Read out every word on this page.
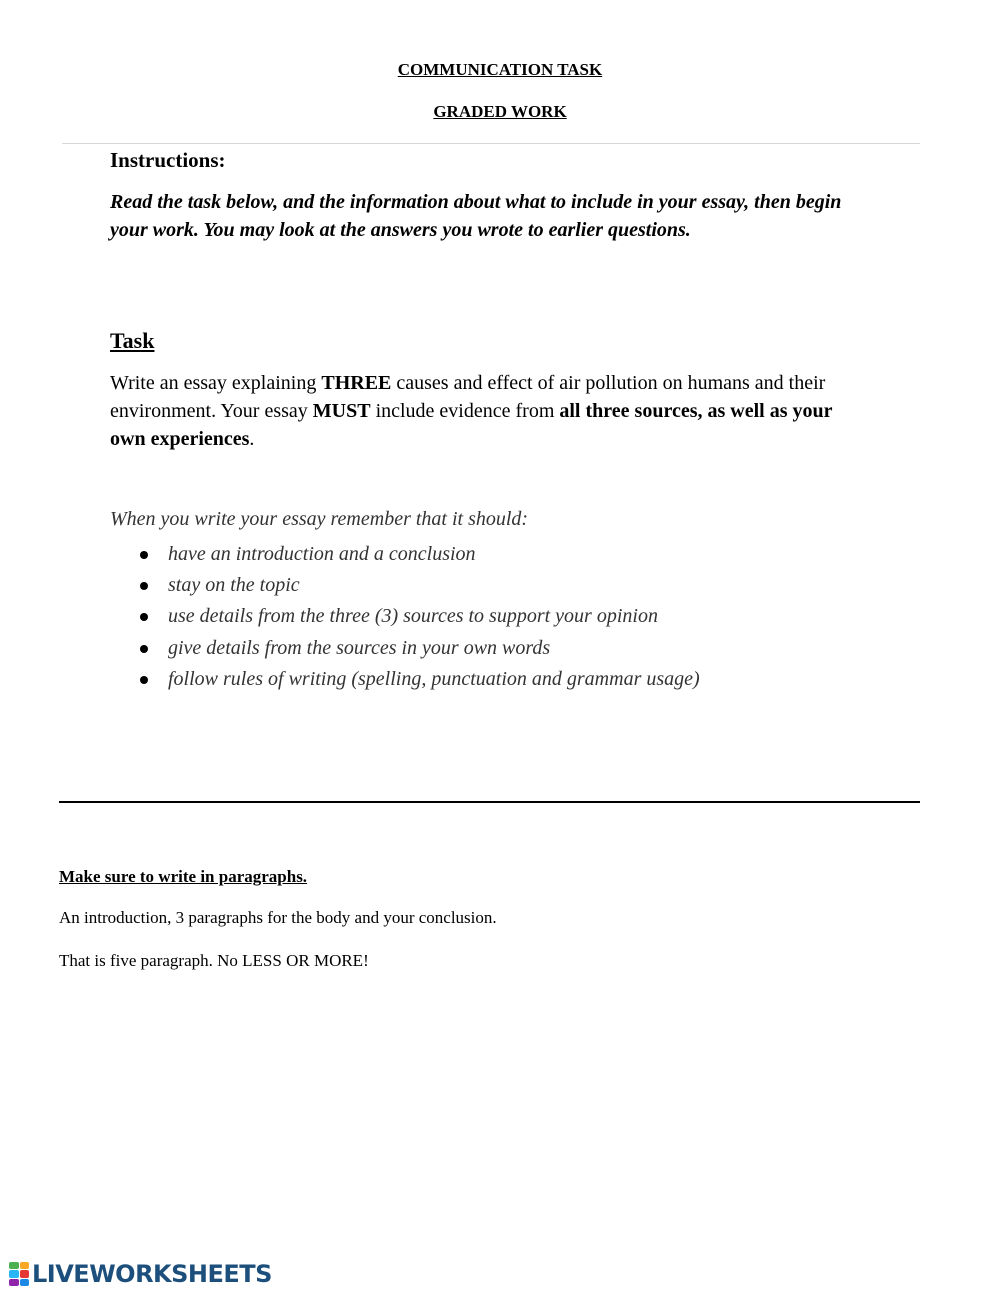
COMMUNICATION TASK
GRADED WORK
Instructions:
Read the task below, and the information about what to include in your essay, then begin your work. You may look at the answers you wrote to earlier questions.
Task
Write an essay explaining THREE causes and effect of air pollution on humans and their environment. Your essay MUST include evidence from all three sources, as well as your own experiences.
When you write your essay remember that it should:
have an introduction and a conclusion
stay on the topic
use details from the three (3) sources to support your opinion
give details from the sources in your own words
follow rules of writing (spelling, punctuation and grammar usage)
Make sure to write in paragraphs.
An introduction, 3 paragraphs for the body and your conclusion.
That is five paragraph. No LESS OR MORE!
LIVEWORKSHEETS
